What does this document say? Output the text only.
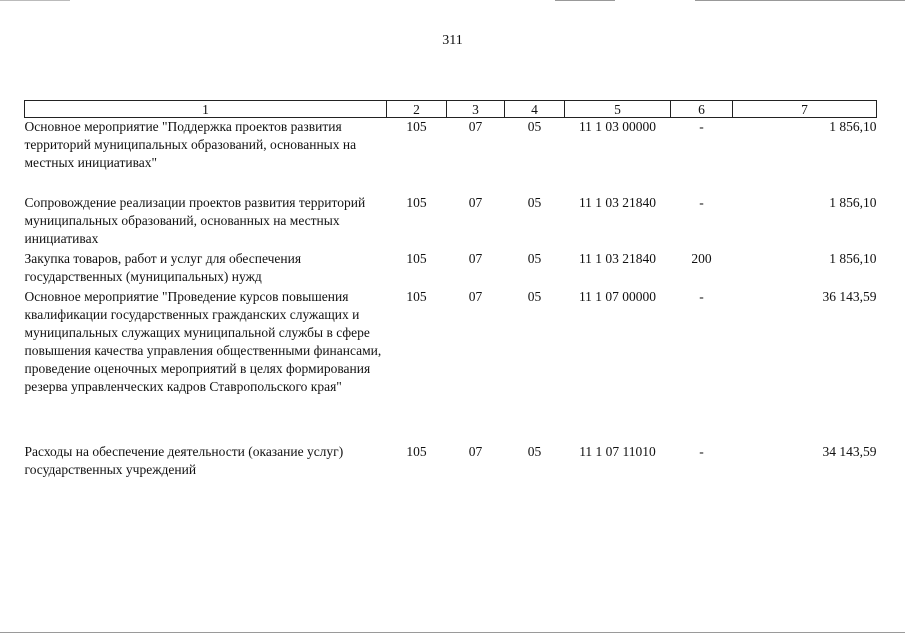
311
1	2	3	4	5	6	7
Основное мероприятие "Поддержка проектов развития территорий муниципальных образований, основанных на местных инициативах"	105	07	05	11 1 03 00000	-	1 856,10
Сопровождение реализации проектов развития территорий муниципальных образований, основанных на местных инициативах	105	07	05	11 1 03 21840	-	1 856,10
Закупка товаров, работ и услуг для обеспечения государственных (муниципальных) нужд	105	07	05	11 1 03 21840	200	1 856,10
Основное мероприятие "Проведение курсов повышения квалификации государственных гражданских служащих и муниципальных служащих муниципальной службы в сфере повышения качества управления общественными финансами, проведение оценочных мероприятий в целях формирования резерва управленческих кадров Ставропольского края"	105	07	05	11 1 07 00000	-	36 143,59
Расходы на обеспечение деятельности (оказание услуг) государственных учреждений	105	07	05	11 1 07 11010	-	34 143,59
